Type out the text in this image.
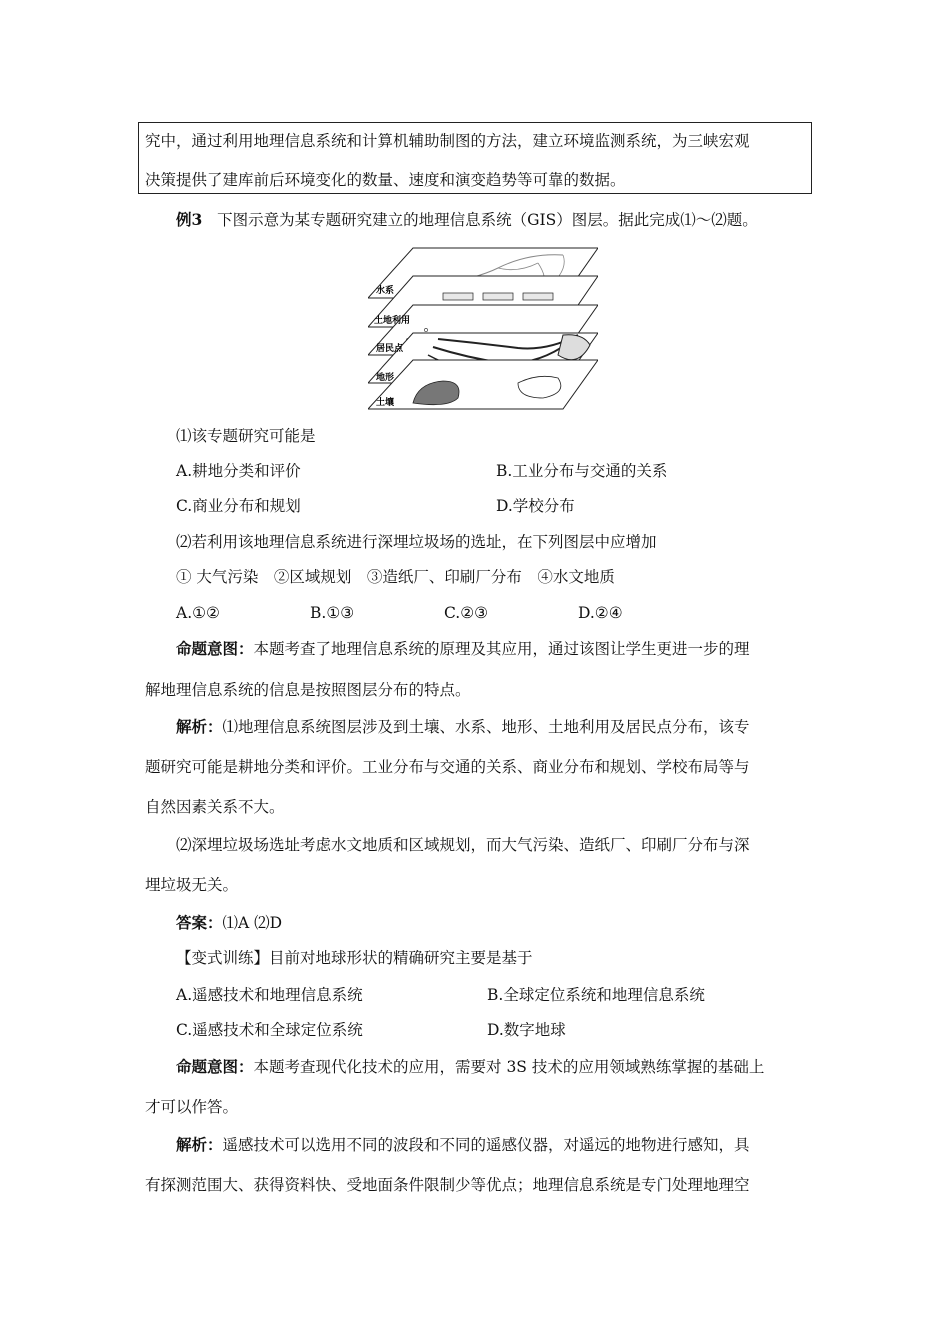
究中，通过利用地理信息系统和计算机辅助制图的方法，建立环境监测系统，为三峡宏观
决策提供了建库前后环境变化的数量、速度和演变趋势等可靠的数据。
例3 下图示意为某专题研究建立的地理信息系统（GIS）图层。据此完成⑴～⑵题。
水系
土地利用
居民点
地形
土壤
⑴该专题研究可能是
A.耕地分类和评价	B.工业分布与交通的关系
C.商业分布和规划	D.学校分布
⑵若利用该地理信息系统进行深埋垃圾场的选址，在下列图层中应增加
① 大气污染　②区域规划　③造纸厂、印刷厂分布　④水文地质
A.①②	B.①③	C.②③	D.②④
命题意图：本题考查了地理信息系统的原理及其应用，通过该图让学生更进一步的理
解地理信息系统的信息是按照图层分布的特点。
解析：⑴地理信息系统图层涉及到土壤、水系、地形、土地利用及居民点分布，该专
题研究可能是耕地分类和评价。工业分布与交通的关系、商业分布和规划、学校布局等与
自然因素关系不大。
⑵深埋垃圾场选址考虑水文地质和区域规划，而大气污染、造纸厂、印刷厂分布与深
埋垃圾无关。
答案：⑴A ⑵D
【变式训练】目前对地球形状的精确研究主要是基于
A.遥感技术和地理信息系统	B.全球定位系统和地理信息系统
C.遥感技术和全球定位系统	D.数字地球
命题意图：本题考查现代化技术的应用，需要对 3S 技术的应用领域熟练掌握的基础上
才可以作答。
解析：遥感技术可以选用不同的波段和不同的遥感仪器，对遥远的地物进行感知，具
有探测范围大、获得资料快、受地面条件限制少等优点；地理信息系统是专门处理地理空
